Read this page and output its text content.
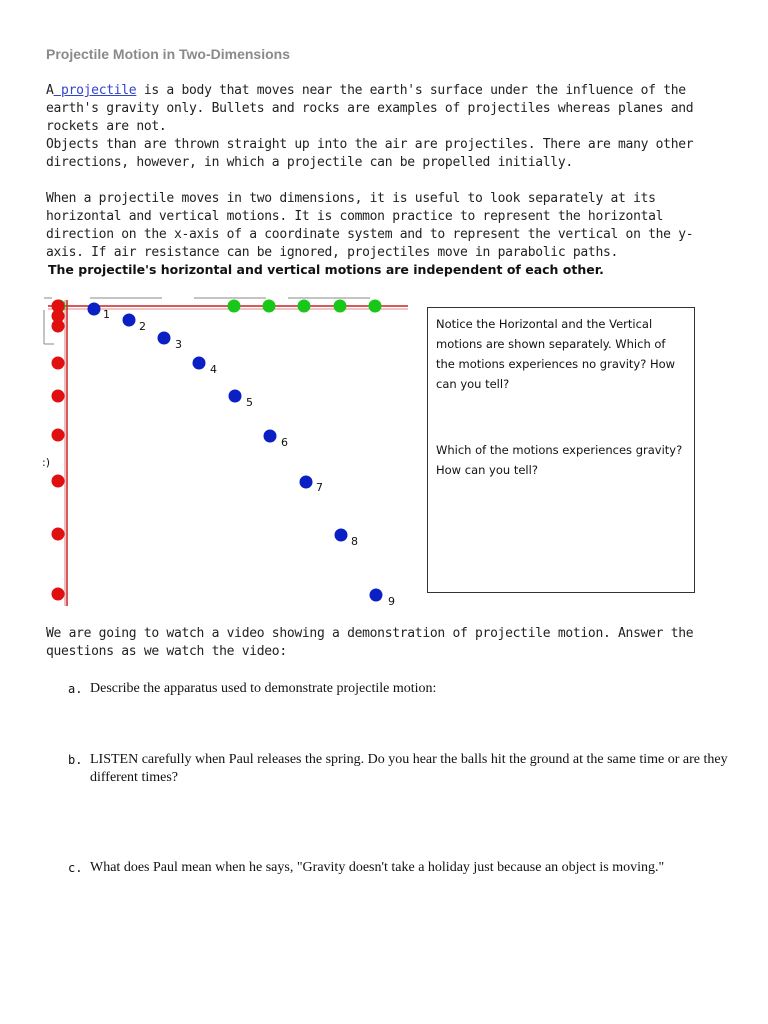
Projectile Motion in Two-Dimensions
A projectile is a body that moves near the earth's surface under the influence of the earth's gravity only. Bullets and rocks are examples of projectiles whereas planes and rockets are not.
Objects than are thrown straight up into the air are projectiles. There are many other directions, however, in which a projectile can be propelled initially.
When a projectile moves in two dimensions, it is useful to look separately at its horizontal and vertical motions. It is common practice to represent the horizontal direction on the x-axis of a coordinate system and to represent the vertical on the y-axis. If air resistance can be ignored, projectiles move in parabolic paths.
The projectile's horizontal and vertical motions are independent of each other.
:)
1
2
3
4
5
6
7
8
9

Notice the Horizontal and the Vertical motions are shown separately. Which of the motions experiences no gravity? How can you tell?

Which of the motions experiences gravity? How can you tell?

We are going to watch a video showing a demonstration of projectile motion. Answer the questions as we watch the video:
a. Describe the apparatus used to demonstrate projectile motion:
b. LISTEN carefully when Paul releases the spring. Do you hear the balls hit the ground at the same time or are they different times?
c. What does Paul mean when he says, "Gravity doesn't take a holiday just because an object is moving."
